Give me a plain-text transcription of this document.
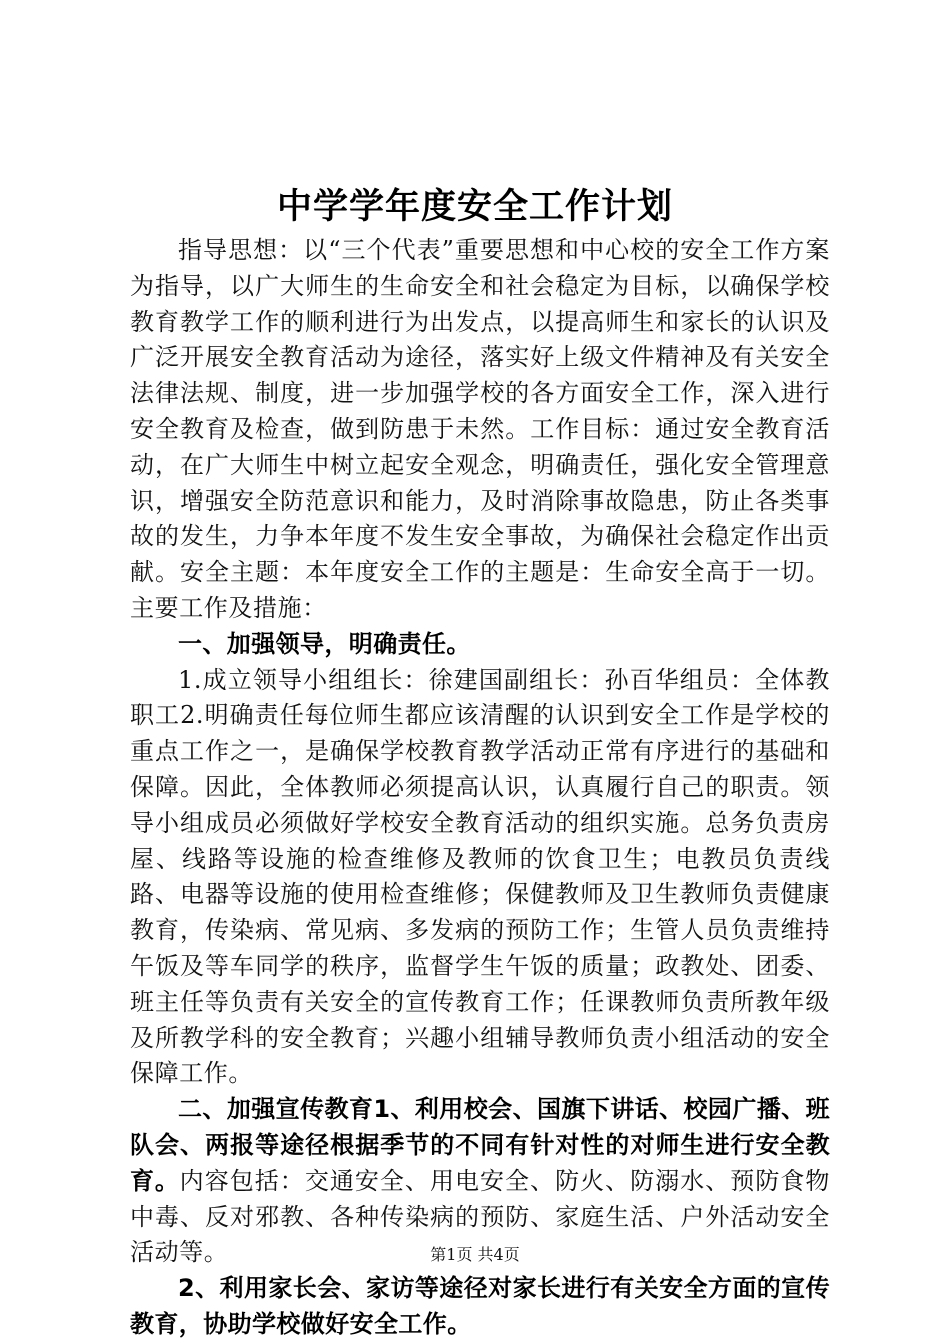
中学学年度安全工作计划

指导思想：以“三个代表”重要思想和中心校的安全工作方案为指导，以广大师生的生命安全和社会稳定为目标，以确保学校教育教学工作的顺利进行为出发点，以提高师生和家长的认识及广泛开展安全教育活动为途径，落实好上级文件精神及有关安全法律法规、制度，进一步加强学校的各方面安全工作，深入进行安全教育及检查，做到防患于未然。工作目标：通过安全教育活动，在广大师生中树立起安全观念，明确责任，强化安全管理意识，增强安全防范意识和能力，及时消除事故隐患，防止各类事故的发生，力争本年度不发生安全事故，为确保社会稳定作出贡献。安全主题：本年度安全工作的主题是：生命安全高于一切。主要工作及措施：

一、加强领导，明确责任。

1.成立领导小组组长：徐建国副组长：孙百华组员：全体教职工2.明确责任每位师生都应该清醒的认识到安全工作是学校的重点工作之一，是确保学校教育教学活动正常有序进行的基础和保障。因此，全体教师必须提高认识，认真履行自己的职责。领导小组成员必须做好学校安全教育活动的组织实施。总务负责房屋、线路等设施的检查维修及教师的饮食卫生；电教员负责线路、电器等设施的使用检查维修；保健教师及卫生教师负责健康教育，传染病、常见病、多发病的预防工作；生管人员负责维持午饭及等车同学的秩序，监督学生午饭的质量；政教处、团委、班主任等负责有关安全的宣传教育工作；任课教师负责所教年级及所教学科的安全教育；兴趣小组辅导教师负责小组活动的安全保障工作。

二、加强宣传教育1、利用校会、国旗下讲话、校园广播、班队会、两报等途径根据季节的不同有针对性的对师生进行安全教育。内容包括：交通安全、用电安全、防火、防溺水、预防食物中毒、反对邪教、各种传染病的预防、家庭生活、户外活动安全活动等。

2、利用家长会、家访等途径对家长进行有关安全方面的宣传教育，协助学校做好安全工作。

第1页 共4页
